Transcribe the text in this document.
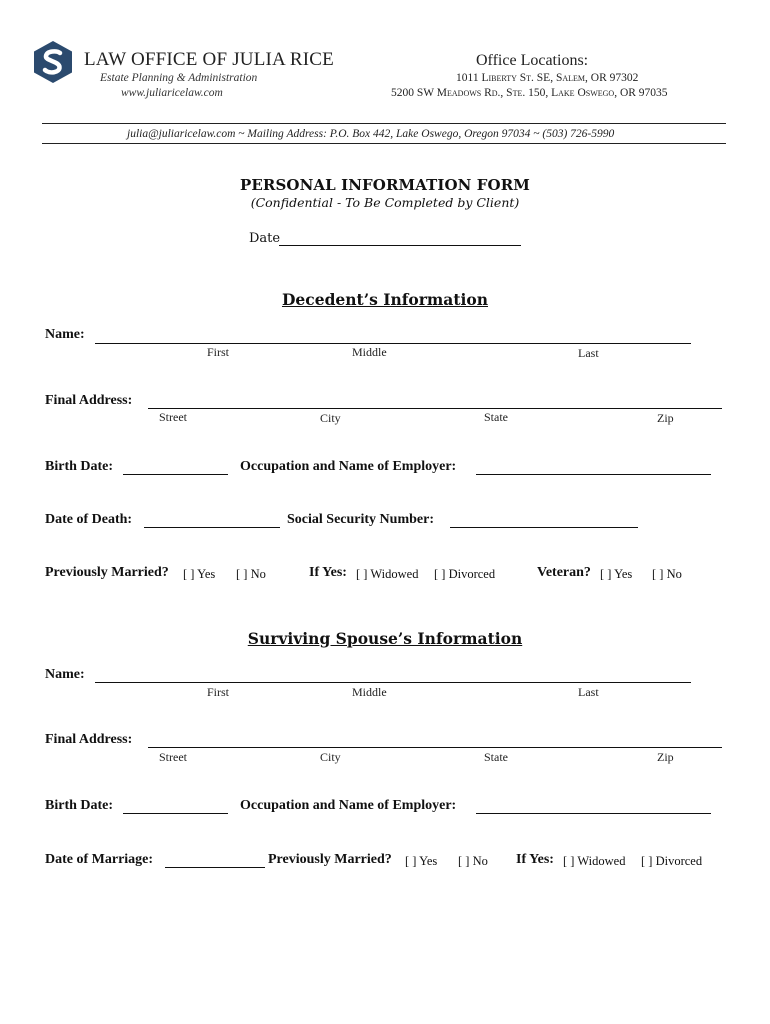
LAW OFFICE OF JULIA RICE
Estate Planning & Administration
www.juliaricelaw.com
Office Locations:
1011 Liberty St. SE, Salem, OR 97302
5200 SW Meadows Rd., Ste. 150, Lake Oswego, OR 97035
julia@juliaricelaw.com ~ Mailing Address: P.O. Box 442, Lake Oswego, Oregon 97034 ~ (503) 726-5990
PERSONAL INFORMATION FORM
(Confidential - To Be Completed by Client)
Date
Decedent’s Information
Name:
First	Middle	Last
Final Address:
Street	City	State	Zip
Birth Date:	Occupation and Name of Employer:
Date of Death:	Social Security Number:
Previously Married? [ ] Yes [ ] No	If Yes: [ ] Widowed [ ] Divorced	Veteran? [ ] Yes [ ] No
Surviving Spouse’s Information
Name:
First	Middle	Last
Final Address:
Street	City	State	Zip
Birth Date:	Occupation and Name of Employer:
Date of Marriage:	Previously Married? [ ] Yes [ ] No If Yes: [ ] Widowed [ ] Divorced
